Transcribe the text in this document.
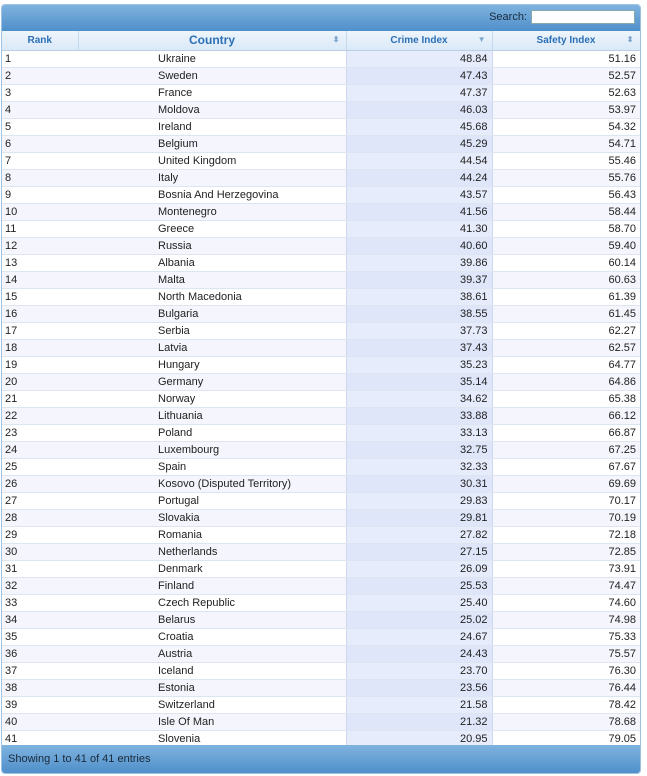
Search:
Rank	Country ⬍	Crime Index ▼	Safety Index ⬍

1	Ukraine	48.84	51.16
2	Sweden	47.43	52.57
3	France	47.37	52.63
4	Moldova	46.03	53.97
5	Ireland	45.68	54.32
6	Belgium	45.29	54.71
7	United Kingdom	44.54	55.46
8	Italy	44.24	55.76
9	Bosnia And Herzegovina	43.57	56.43
10	Montenegro	41.56	58.44
11	Greece	41.30	58.70
12	Russia	40.60	59.40
13	Albania	39.86	60.14
14	Malta	39.37	60.63
15	North Macedonia	38.61	61.39
16	Bulgaria	38.55	61.45
17	Serbia	37.73	62.27
18	Latvia	37.43	62.57
19	Hungary	35.23	64.77
20	Germany	35.14	64.86
21	Norway	34.62	65.38
22	Lithuania	33.88	66.12
23	Poland	33.13	66.87
24	Luxembourg	32.75	67.25
25	Spain	32.33	67.67
26	Kosovo (Disputed Territory)	30.31	69.69
27	Portugal	29.83	70.17
28	Slovakia	29.81	70.19
29	Romania	27.82	72.18
30	Netherlands	27.15	72.85
31	Denmark	26.09	73.91
32	Finland	25.53	74.47
33	Czech Republic	25.40	74.60
34	Belarus	25.02	74.98
35	Croatia	24.67	75.33
36	Austria	24.43	75.57
37	Iceland	23.70	76.30
38	Estonia	23.56	76.44
39	Switzerland	21.58	78.42
40	Isle Of Man	21.32	78.68
41	Slovenia	20.95	79.05
Showing 1 to 41 of 41 entries
